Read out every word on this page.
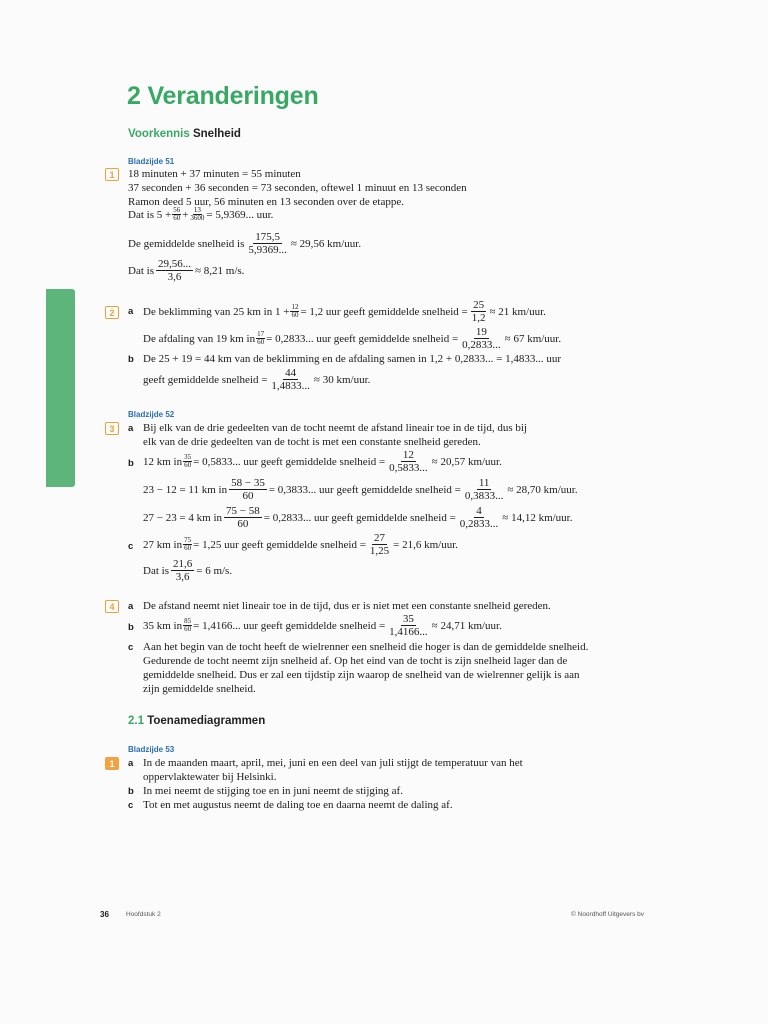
2 Veranderingen
Voorkennis Snelheid
Bladzijde 51
1	18 minuten + 37 minuten = 55 minuten
37 seconden + 36 seconden = 73 seconden, oftewel 1 minuut en 13 seconden
Ramon deed 5 uur, 56 minuten en 13 seconden over de etappe.
Dat is $5 + \frac{56}{60} + \frac{13}{3600} = 5,9369$... uur.
De gemiddelde snelheid is $\frac{175,5}{5,9369...} \approx 29,56$ km/uur.
Dat is $\frac{29,56...}{3,6} \approx 8,21$ m/s.
2	a De beklimming van 25 km in $1 + \frac{12}{60} = 1,2$ uur geeft gemiddelde snelheid = $\frac{25}{1,2} \approx 21$ km/uur.
De afdaling van 19 km in $\frac{17}{60} = 0,2833$... uur geeft gemiddelde snelheid = $\frac{19}{0,2833...} \approx 67$ km/uur.
b De 25 + 19 = 44 km van de beklimming en de afdaling samen in 1,2 + 0,2833... = 1,4833... uur
geeft gemiddelde snelheid = $\frac{44}{1,4833...} \approx 30$ km/uur.
Bladzijde 52
3	a Bij elk van de drie gedeelten van de tocht neemt de afstand lineair toe in de tijd, dus bij
elk van de drie gedeelten van de tocht is met een constante snelheid gereden.
b 12 km in $\frac{35}{60} = 0,5833$... uur geeft gemiddelde snelheid = $\frac{12}{0,5833...} \approx 20,57$ km/uur.
23 − 12 = 11 km in $\frac{58 - 35}{60} = 0,3833$... uur geeft gemiddelde snelheid = $\frac{11}{0,3833...} \approx 28,70$ km/uur.
27 − 23 = 4 km in $\frac{75 - 58}{60} = 0,2833$... uur geeft gemiddelde snelheid = $\frac{4}{0,2833...} \approx 14,12$ km/uur.
c 27 km in $\frac{75}{60} = 1,25$ uur geeft gemiddelde snelheid = $\frac{27}{1,25} = 21,6$ km/uur.
Dat is $\frac{21,6}{3,6} = 6$ m/s.
4	a De afstand neemt niet lineair toe in de tijd, dus er is niet met een constante snelheid gereden.
b 35 km in $\frac{85}{60} = 1,4166$... uur geeft gemiddelde snelheid = $\frac{35}{1,4166...} \approx 24,71$ km/uur.
c Aan het begin van de tocht heeft de wielrenner een snelheid die hoger is dan de gemiddelde snelheid.
Gedurende de tocht neemt zijn snelheid af. Op het eind van de tocht is zijn snelheid lager dan de
gemiddelde snelheid. Dus er zal een tijdstip zijn waarop de snelheid van de wielrenner gelijk is aan
zijn gemiddelde snelheid.
2.1 Toenamediagrammen
Bladzijde 53
1	a In de maanden maart, april, mei, juni en een deel van juli stijgt de temperatuur van het
oppervlaktewater bij Helsinki.
b In mei neemt de stijging toe en in juni neemt de stijging af.
c Tot en met augustus neemt de daling toe en daarna neemt de daling af.
36	Hoofdstuk 2	© Noordhoff Uitgevers bv
